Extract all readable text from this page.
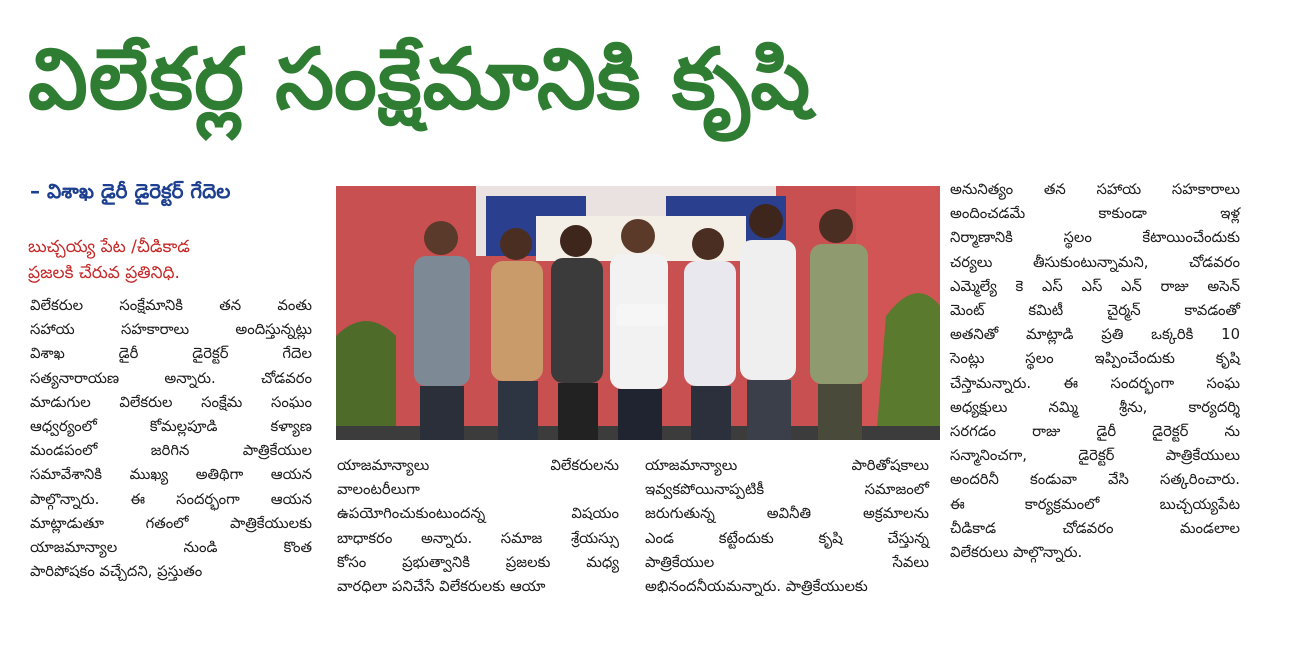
విలేకర్ల సంక్షేమానికి కృషి
– విశాఖ డైరీ డైరెక్టర్ గేదెల
బుచ్చయ్య పేట /చీడికాడ
ప్రజలకి చేరువ ప్రతినిధి.

విలేకరుల సంక్షేమానికి తన వంతు

సహాయ సహకారాలు అందిస్తున్నట్లు

విశాఖ డైరీ డైరెక్టర్ గేదెల

సత్యనారాయణ అన్నారు. చోడవరం

మాడుగుల విలేకరుల సంక్షేమ సంఘం

ఆధ్వర్యంలో కోమల్లపూడి కళ్యాణ

మండపంలో జరిగిన పాత్రికేయుల

సమావేశానికి ముఖ్య అతిథిగా ఆయన

పాల్గొన్నారు. ఈ సందర్భంగా ఆయన

మాట్లాడుతూ గతంలో పాత్రికేయులకు

యాజమాన్యాల నుండి కొంత

పారిపోషకం వచ్చేదని, ప్రస్తుతం

యాజమాన్యాలు విలేకరులను

వాలంటరీలుగా

ఉపయోగించుకుంటుందన్న విషయం

బాధాకరం అన్నారు. సమాజ శ్రేయస్సు

కోసం ప్రభుత్వానికి ప్రజలకు మధ్య

వారధిలా పనిచేసే విలేకరులకు ఆయా

యాజమాన్యాలు పారితోషకాలు

ఇవ్వకపోయినాప్పటికీ సమాజంలో

జరుగుతున్న అవినీతి అక్రమాలను

ఎండ కట్టేందుకు కృషి చేస్తున్న

పాత్రికేయుల సేవలు

అభినందనీయమన్నారు. పాత్రికేయులకు

అనునిత్యం తన సహాయ సహకారాలు

అందించడమే కాకుండా ఇళ్ల

నిర్మాణానికి స్థలం కేటాయించేందుకు

చర్యలు తీసుకుంటున్నామని, చోడవరం

ఎమ్మెల్యే కె ఎస్ ఎస్ ఎన్ రాజు అసెన్

మెంట్ కమిటీ చైర్మన్ కావడంతో

అతనితో మాట్లాడి ప్రతి ఒక్కరికి 10

సెంట్లు స్థలం ఇప్పించేందుకు కృషి

చేస్తామన్నారు. ఈ సందర్భంగా సంఘ

అధ్యక్షులు నమ్మి శ్రీను, కార్యదర్శి

సరగడం రాజు డైరీ డైరెక్టర్ ను

సన్మానించగా, డైరెక్టర్ పాత్రికేయులు

అందరినీ కండువా వేసి సత్కరించారు.

ఈ కార్యక్రమంలో బుచ్చయ్యపేట

చీడికాడ చోడవరం మండలాల

విలేకరులు పాల్గొన్నారు.
